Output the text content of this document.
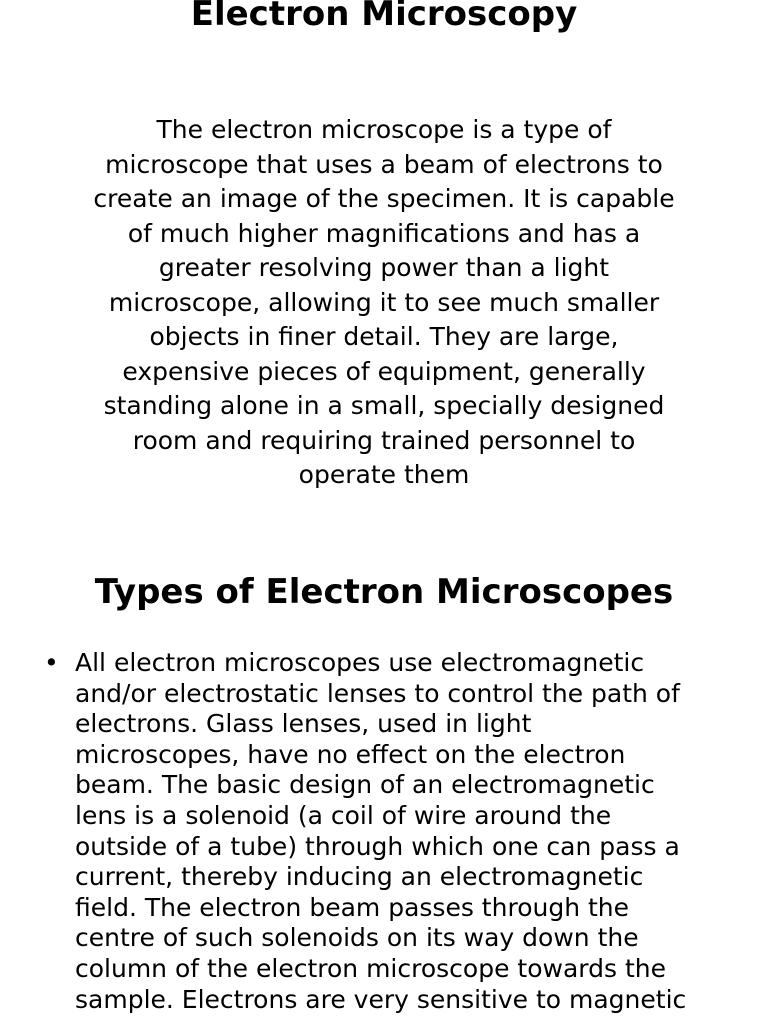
Electron Microscopy

The electron microscope is a type of
microscope that uses a beam of electrons to
create an image of the specimen. It is capable
of much higher magnifications and has a
greater resolving power than a light
microscope, allowing it to see much smaller
objects in finer detail. They are large,
expensive pieces of equipment, generally
standing alone in a small, specially designed
room and requiring trained personnel to
operate them

Types of Electron Microscopes
• All electron microscopes use electromagnetic
and/or electrostatic lenses to control the path of
electrons. Glass lenses, used in light
microscopes, have no effect on the electron
beam. The basic design of an electromagnetic
lens is a solenoid (a coil of wire around the
outside of a tube) through which one can pass a
current, thereby inducing an electromagnetic
field. The electron beam passes through the
centre of such solenoids on its way down the
column of the electron microscope towards the
sample. Electrons are very sensitive to magnetic
